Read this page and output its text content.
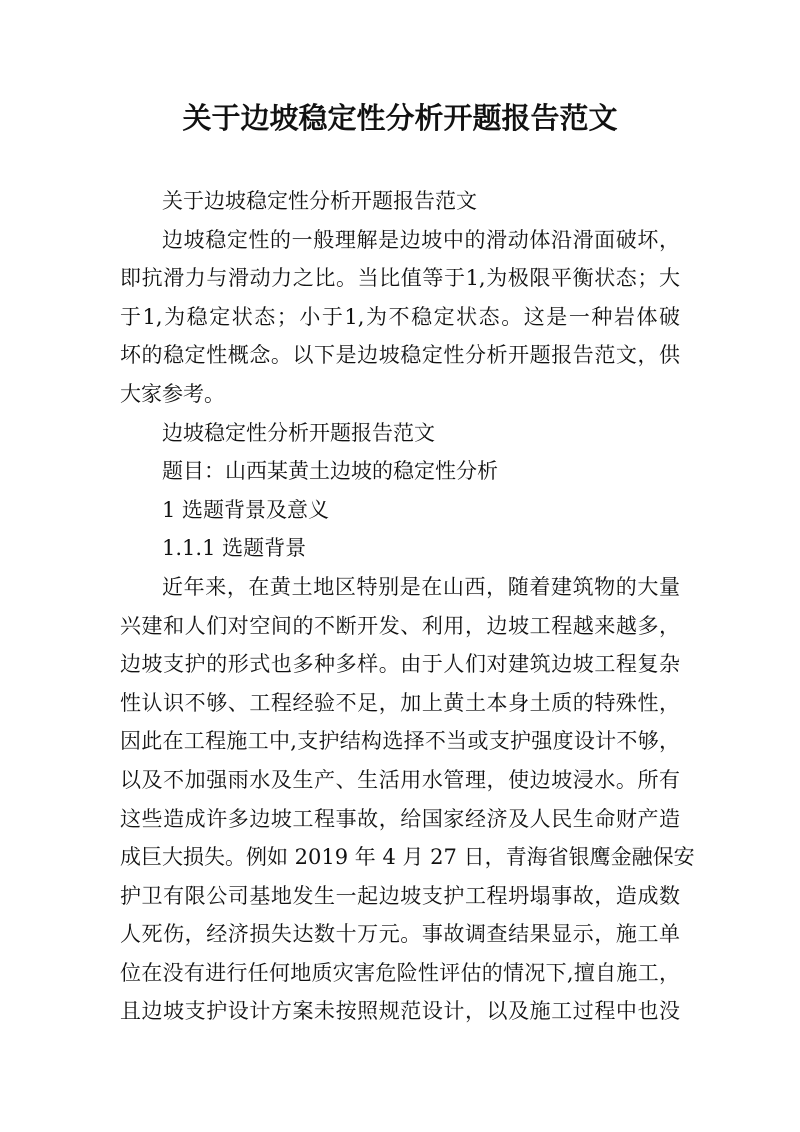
关于边坡稳定性分析开题报告范文
关于边坡稳定性分析开题报告范文
边坡稳定性的一般理解是边坡中的滑动体沿滑面破坏，
即抗滑力与滑动力之比。当比值等于1,为极限平衡状态；大
于1,为稳定状态；小于1,为不稳定状态。这是一种岩体破
坏的稳定性概念。以下是边坡稳定性分析开题报告范文，供
大家参考。
边坡稳定性分析开题报告范文
题目：山西某黄土边坡的稳定性分析
1 选题背景及意义
1.1.1 选题背景
近年来，在黄土地区特别是在山西，随着建筑物的大量
兴建和人们对空间的不断开发、利用，边坡工程越来越多，
边坡支护的形式也多种多样。由于人们对建筑边坡工程复杂
性认识不够、工程经验不足，加上黄土本身土质的特殊性，
因此在工程施工中,支护结构选择不当或支护强度设计不够，
以及不加强雨水及生产、生活用水管理，使边坡浸水。所有
这些造成许多边坡工程事故，给国家经济及人民生命财产造
成巨大损失。例如 2019 年 4 月 27 日，青海省银鹰金融保安
护卫有限公司基地发生一起边坡支护工程坍塌事故，造成数
人死伤，经济损失达数十万元。事故调查结果显示，施工单
位在没有进行任何地质灾害危险性评估的情况下,擅自施工，
且边坡支护设计方案未按照规范设计，以及施工过程中也没
